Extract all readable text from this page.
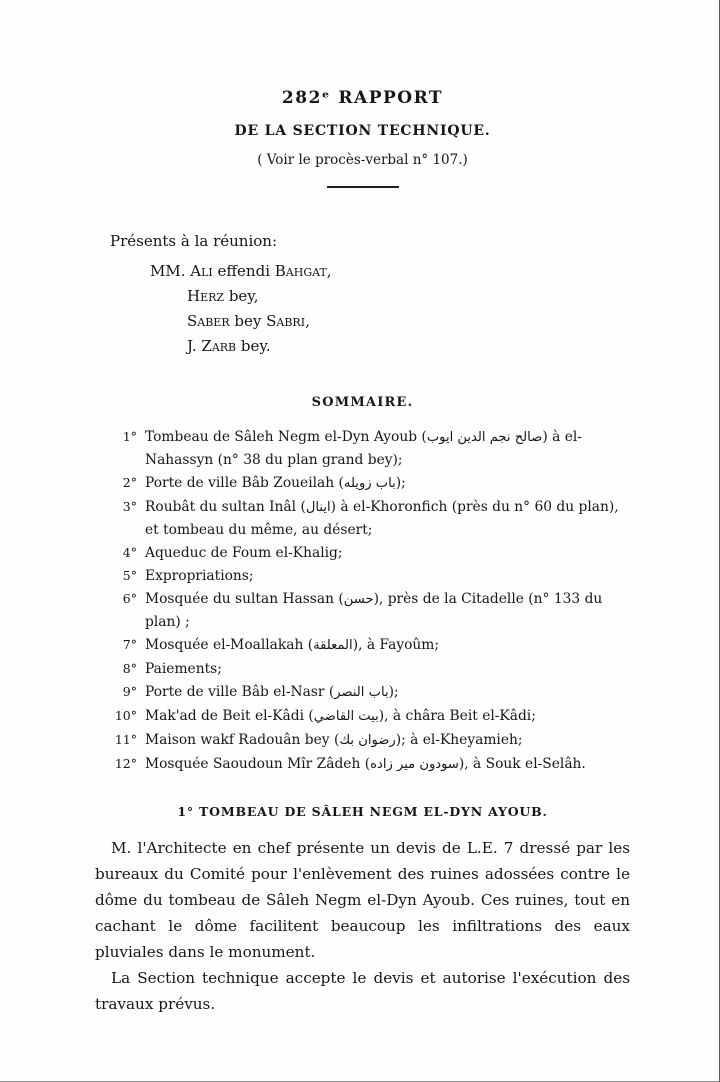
282ᵉ RAPPORT
DE LA SECTION TECHNIQUE.
( Voir le procès-verbal n° 107.)
Présents à la réunion:
MM. Ali effendi Bahgat,
Herz bey,
Saber bey Sabri,
J. Zarb bey.
SOMMAIRE.
1° Tombeau de Sâleh Negm el-Dyn Ayoub (صالح نجم الدين ايوب) à el-Nahassyn (n° 38 du plan grand bey);
2° Porte de ville Bâb Zoueilah (باب زويله);
3° Roubât du sultan Inâl (اينال) à el-Khoronfich (près du n° 60 du plan), et tombeau du même, au désert;
4° Aqueduc de Foum el-Khalig;
5° Expropriations;
6° Mosquée du sultan Hassan (حسن), près de la Citadelle (n° 133 du plan) ;
7° Mosquée el-Moallakah (المعلقة), à Fayoûm;
8° Paiements;
9° Porte de ville Bâb el-Nasr (باب النصر);
10° Mak'ad de Beit el-Kâdi (بيت القاضي), à châra Beit el-Kâdi;
11° Maison wakf Radouân bey (رضوان بك); à el-Kheyamieh;
12° Mosquée Saoudoun Mîr Zâdeh (سودون مير زاده), à Souk el-Selâh.
1° TOMBEAU DE SÂLEH NEGM EL-DYN AYOUB.

M. l'Architecte en chef présente un devis de L.E. 7 dressé par les bureaux du Comité pour l'enlèvement des ruines adossées contre le dôme du tombeau de Sâleh Negm el-Dyn Ayoub. Ces ruines, tout en cachant le dôme facilitent beaucoup les infiltrations des eaux pluviales dans le monument.

La Section technique accepte le devis et autorise l'exécution des travaux prévus.
